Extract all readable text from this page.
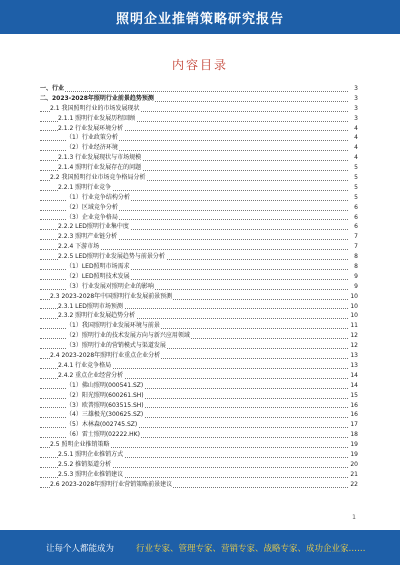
照明企业推销策略研究报告
内容目录
一、行业	3
二、2023-2028年照明行业前景趋势预测	3
2.1 我国照明行业的市场发展现状	3
2.1.1 照明行业发展历程回顾	3
2.1.2 行业发展环境分析	4
（1）行业政策分析	4
（2）行业经济环境	4
2.1.3 行业发展现状与市场规模	4
2.1.4 照明行业发展存在的问题	5
2.2 我国照明行业市场竞争格局分析	5
2.2.1 照明行业竞争	5
（1）行业竞争结构分析	5
（2）区域竞争分析	6
（3）企业竞争格局	6
2.2.2 LED照明行业集中度	6
2.2.3 照明产业链分析	7
2.2.4 下游市场	7
2.2.5 LED照明行业发展趋势与前景分析	8
（1）LED照明市场需求	8
（2）LED照明技术发展	9
（3）行业发展对照明企业的影响	9
2.3 2023-2028年中国照明行业发展前景预测	10
2.3.1 LED照明市场预测	10
2.3.2 照明行业发展趋势分析	10
（1）我国照明行业发展环境与前景	11
（2）照明行业的技术发展方向与新兴应用领域	12
（3）照明行业的营销模式与渠道发展	12
2.4 2023-2028年照明行业重点企业分析	13
2.4.1 行业竞争格局	13
2.4.2 重点企业经营分析	14
（1）佛山照明(000541.SZ)	14
（2）阳光照明(600261.SH)	15
（3）欧普照明(603515.SH)	16
（4）三雄极光(300625.SZ)	16
（5）木林森(002745.SZ)	17
（6）雷士照明(02222.HK)	18
2.5 照明企业推销策略	19
2.5.1 照明企业推销方式	19
2.5.2 推销渠道分析	20
2.5.3 照明企业推销建议	21
2.6 2023-2028年照明行业营销策略前景建议	22
1
让每个人都能成为	行业专家、管理专家、营销专家、战略专家、成功企业家……
